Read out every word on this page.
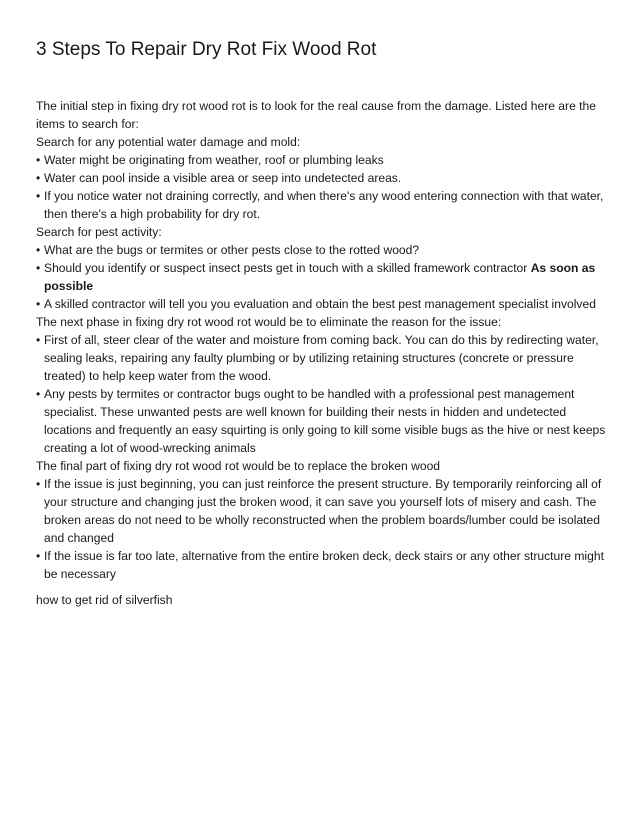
3 Steps To Repair Dry Rot Fix Wood Rot

The initial step in fixing dry rot wood rot is to look for the real cause from the damage. Listed here are the items to search for:

Search for any potential water damage and mold:

• Water might be originating from weather, roof or plumbing leaks

• Water can pool inside a visible area or seep into undetected areas.

• If you notice water not draining correctly, and when there's any wood entering connection with that water, then there's a high probability for dry rot.

Search for pest activity:

• What are the bugs or termites or other pests close to the rotted wood?

• Should you identify or suspect insect pests get in touch with a skilled framework contractor As soon as possible

• A skilled contractor will tell you you evaluation and obtain the best pest management specialist involved

The next phase in fixing dry rot wood rot would be to eliminate the reason for the issue:

• First of all, steer clear of the water and moisture from coming back. You can do this by redirecting water, sealing leaks, repairing any faulty plumbing or by utilizing retaining structures (concrete or pressure treated) to help keep water from the wood.

• Any pests by termites or contractor bugs ought to be handled with a professional pest management specialist. These unwanted pests are well known for building their nests in hidden and undetected locations and frequently an easy squirting is only going to kill some visible bugs as the hive or nest keeps creating a lot of wood-wrecking animals

The final part of fixing dry rot wood rot would be to replace the broken wood

• If the issue is just beginning, you can just reinforce the present structure. By temporarily reinforcing all of your structure and changing just the broken wood, it can save you yourself lots of misery and cash. The broken areas do not need to be wholly reconstructed when the problem boards/lumber could be isolated and changed

• If the issue is far too late, alternative from the entire broken deck, deck stairs or any other structure might be necessary

how to get rid of silverfish
